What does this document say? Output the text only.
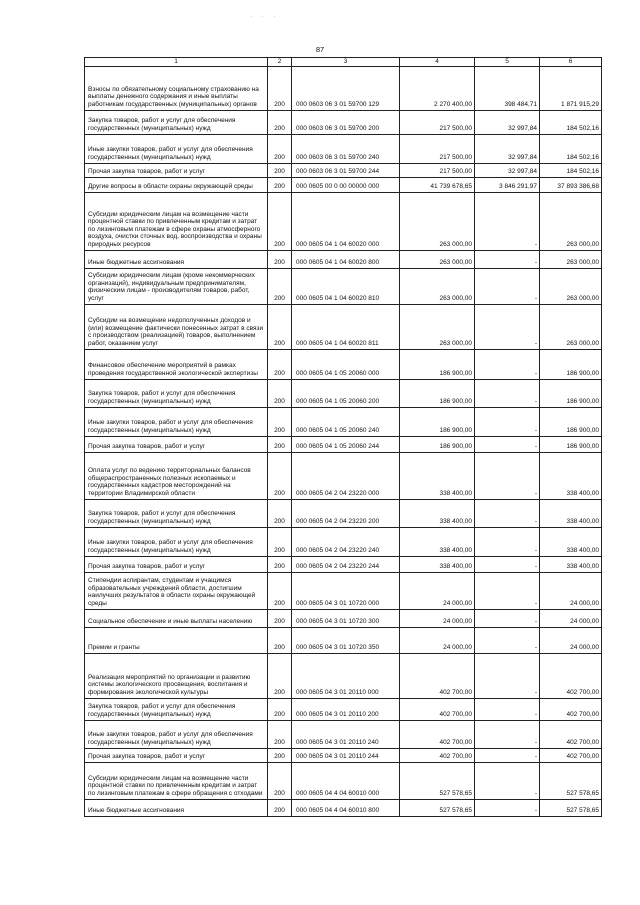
· · ·
87
1	2	3	4	5	6
Взносы по обязательному социальному страхованию на выплаты денежного содержания и иные выплаты работникам государственных (муниципальных) органов	200	000 0603 06 3 01 59700 129	2 270 400,00	398 484,71	1 871 915,29
Закупка товаров, работ и услуг для обеспечения государственных (муниципальных) нужд	200	000 0603 06 3 01 59700 200	217 500,00	32 997,84	184 502,16
Иные закупки товаров, работ и услуг для обеспечения государственных (муниципальных) нужд	200	000 0603 06 3 01 59700 240	217 500,00	32 997,84	184 502,16
Прочая закупка товаров, работ и услуг	200	000 0603 06 3 01 59700 244	217 500,00	32 997,84	184 502,16
Другие вопросы в области охраны окружающей среды	200	000 0605 00 0 00 00000 000	41 739 678,65	3 846 291,97	37 893 386,68
Субсидии юридическим лицам на возмещение части процентной ставки по привлеченным кредитам и затрат по лизинговым платежам в сфере охраны атмосферного воздуха, очистки сточных вод, воспроизводства и охраны природных ресурсов	200	000 0605 04 1 04 60020 000	263 000,00	-	263 000,00
Иные бюджетные ассигнования	200	000 0605 04 1 04 60020 800	263 000,00	-	263 000,00
Субсидии юридическим лицам (кроме некоммерческих организаций), индивидуальным предпринимателям, физическим лицам - производителям товаров, работ, услуг	200	000 0605 04 1 04 60020 810	263 000,00	-	263 000,00
Субсидии на возмещение недополученных доходов и (или) возмещение фактически понесенных затрат в связи с производством (реализацией) товаров, выполнением работ, оказанием услуг	200	000 0605 04 1 04 60020 811	263 000,00	-	263 000,00
Финансовое обеспечение мероприятий в рамках проведения государственной экологической экспертизы	200	000 0605 04 1 05 20060 000	186 900,00	-	186 900,00
Закупка товаров, работ и услуг для обеспечения государственных (муниципальных) нужд	200	000 0605 04 1 05 20060 200	186 900,00	-	186 900,00
Иные закупки товаров, работ и услуг для обеспечения государственных (муниципальных) нужд	200	000 0605 04 1 05 20060 240	186 900,00	-	186 900,00
Прочая закупка товаров, работ и услуг	200	000 0605 04 1 05 20060 244	186 900,00	-	186 900,00
Оплата услуг по ведению территориальных балансов общераспространенных полезных ископаемых и государственных кадастров месторождений на территории Владимирской области	200	000 0605 04 2 04 23220 000	338 400,00	-	338 400,00
Закупка товаров, работ и услуг для обеспечения государственных (муниципальных) нужд	200	000 0605 04 2 04 23220 200	338 400,00	-	338 400,00
Иные закупки товаров, работ и услуг для обеспечения государственных (муниципальных) нужд	200	000 0605 04 2 04 23220 240	338 400,00	-	338 400,00
Прочая закупка товаров, работ и услуг	200	000 0605 04 2 04 23220 244	338 400,00	-	338 400,00
Стипендии аспирантам, студентам и учащимся образовательных учреждений области, достигшим наилучших результатов в области охраны окружающей среды	200	000 0605 04 3 01 10720 000	24 000,00	-	24 000,00
Социальное обеспечение и иные выплаты населению	200	000 0605 04 3 01 10720 300	24 000,00	-	24 000,00
Премии и гранты	200	000 0605 04 3 01 10720 350	24 000,00	-	24 000,00
Реализация мероприятий по организации и развитию системы экологического просвещения, воспитания и формирования экологической культуры	200	000 0605 04 3 01 20110 000	402 700,00	-	402 700,00
Закупка товаров, работ и услуг для обеспечения государственных (муниципальных) нужд	200	000 0605 04 3 01 20110 200	402 700,00	-	402 700,00
Иные закупки товаров, работ и услуг для обеспечения государственных (муниципальных) нужд	200	000 0605 04 3 01 20110 240	402 700,00	-	402 700,00
Прочая закупка товаров, работ и услуг	200	000 0605 04 3 01 20110 244	402 700,00	-	402 700,00
Субсидии юридическим лицам на возмещение части процентной ставки по привлеченным кредитам и затрат по лизинговым платежам в сфере обращения с отходами	200	000 0605 04 4 04 60010 000	527 578,65	-	527 578,65
Иные бюджетные ассигнования	200	000 0605 04 4 04 60010 800	527 578,65	-	527 578,65
